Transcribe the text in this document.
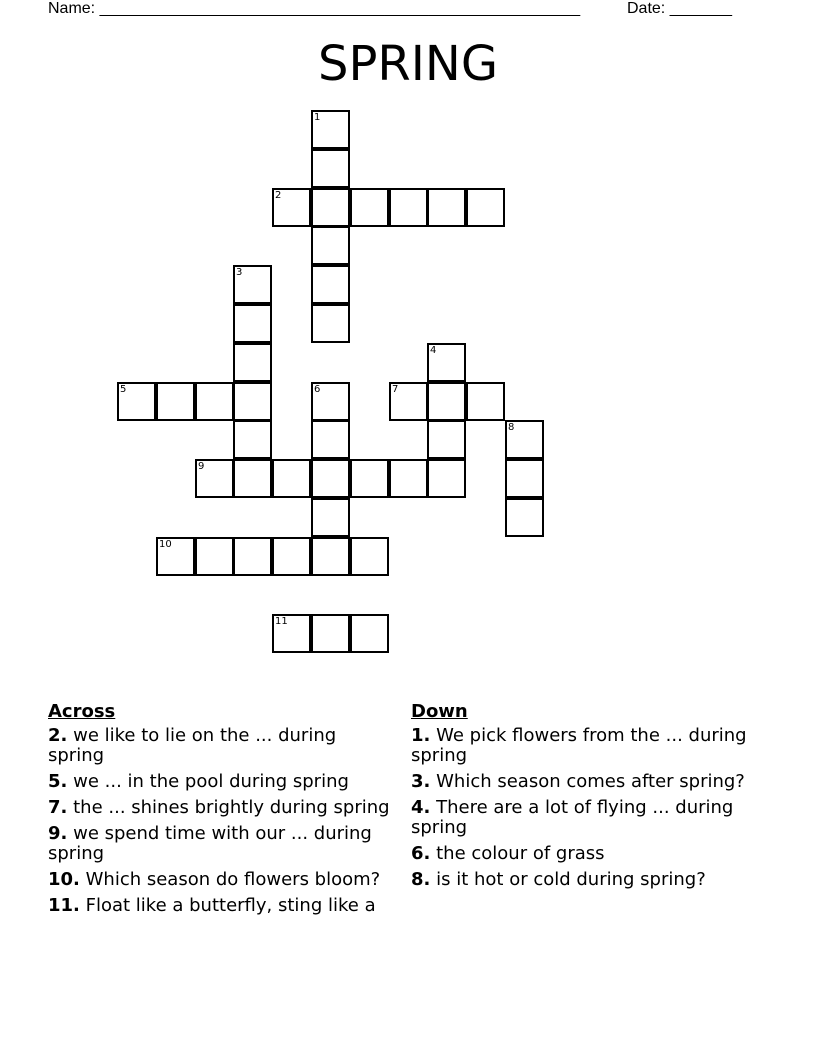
Name: ______________________________________________________	Date: _______
SPRING
1
2
3
4
5	6	7
8
9
10
11
Across
2. we like to lie on the ... during spring
5. we ... in the pool during spring
7. the ... shines brightly during spring
9. we spend time with our ... during spring
10. Which season do flowers bloom?
11. Float like a butterfly, sting like a
Down
1. We pick flowers from the ... during spring
3. Which season comes after spring?
4. There are a lot of flying ... during spring
6. the colour of grass
8. is it hot or cold during spring?
